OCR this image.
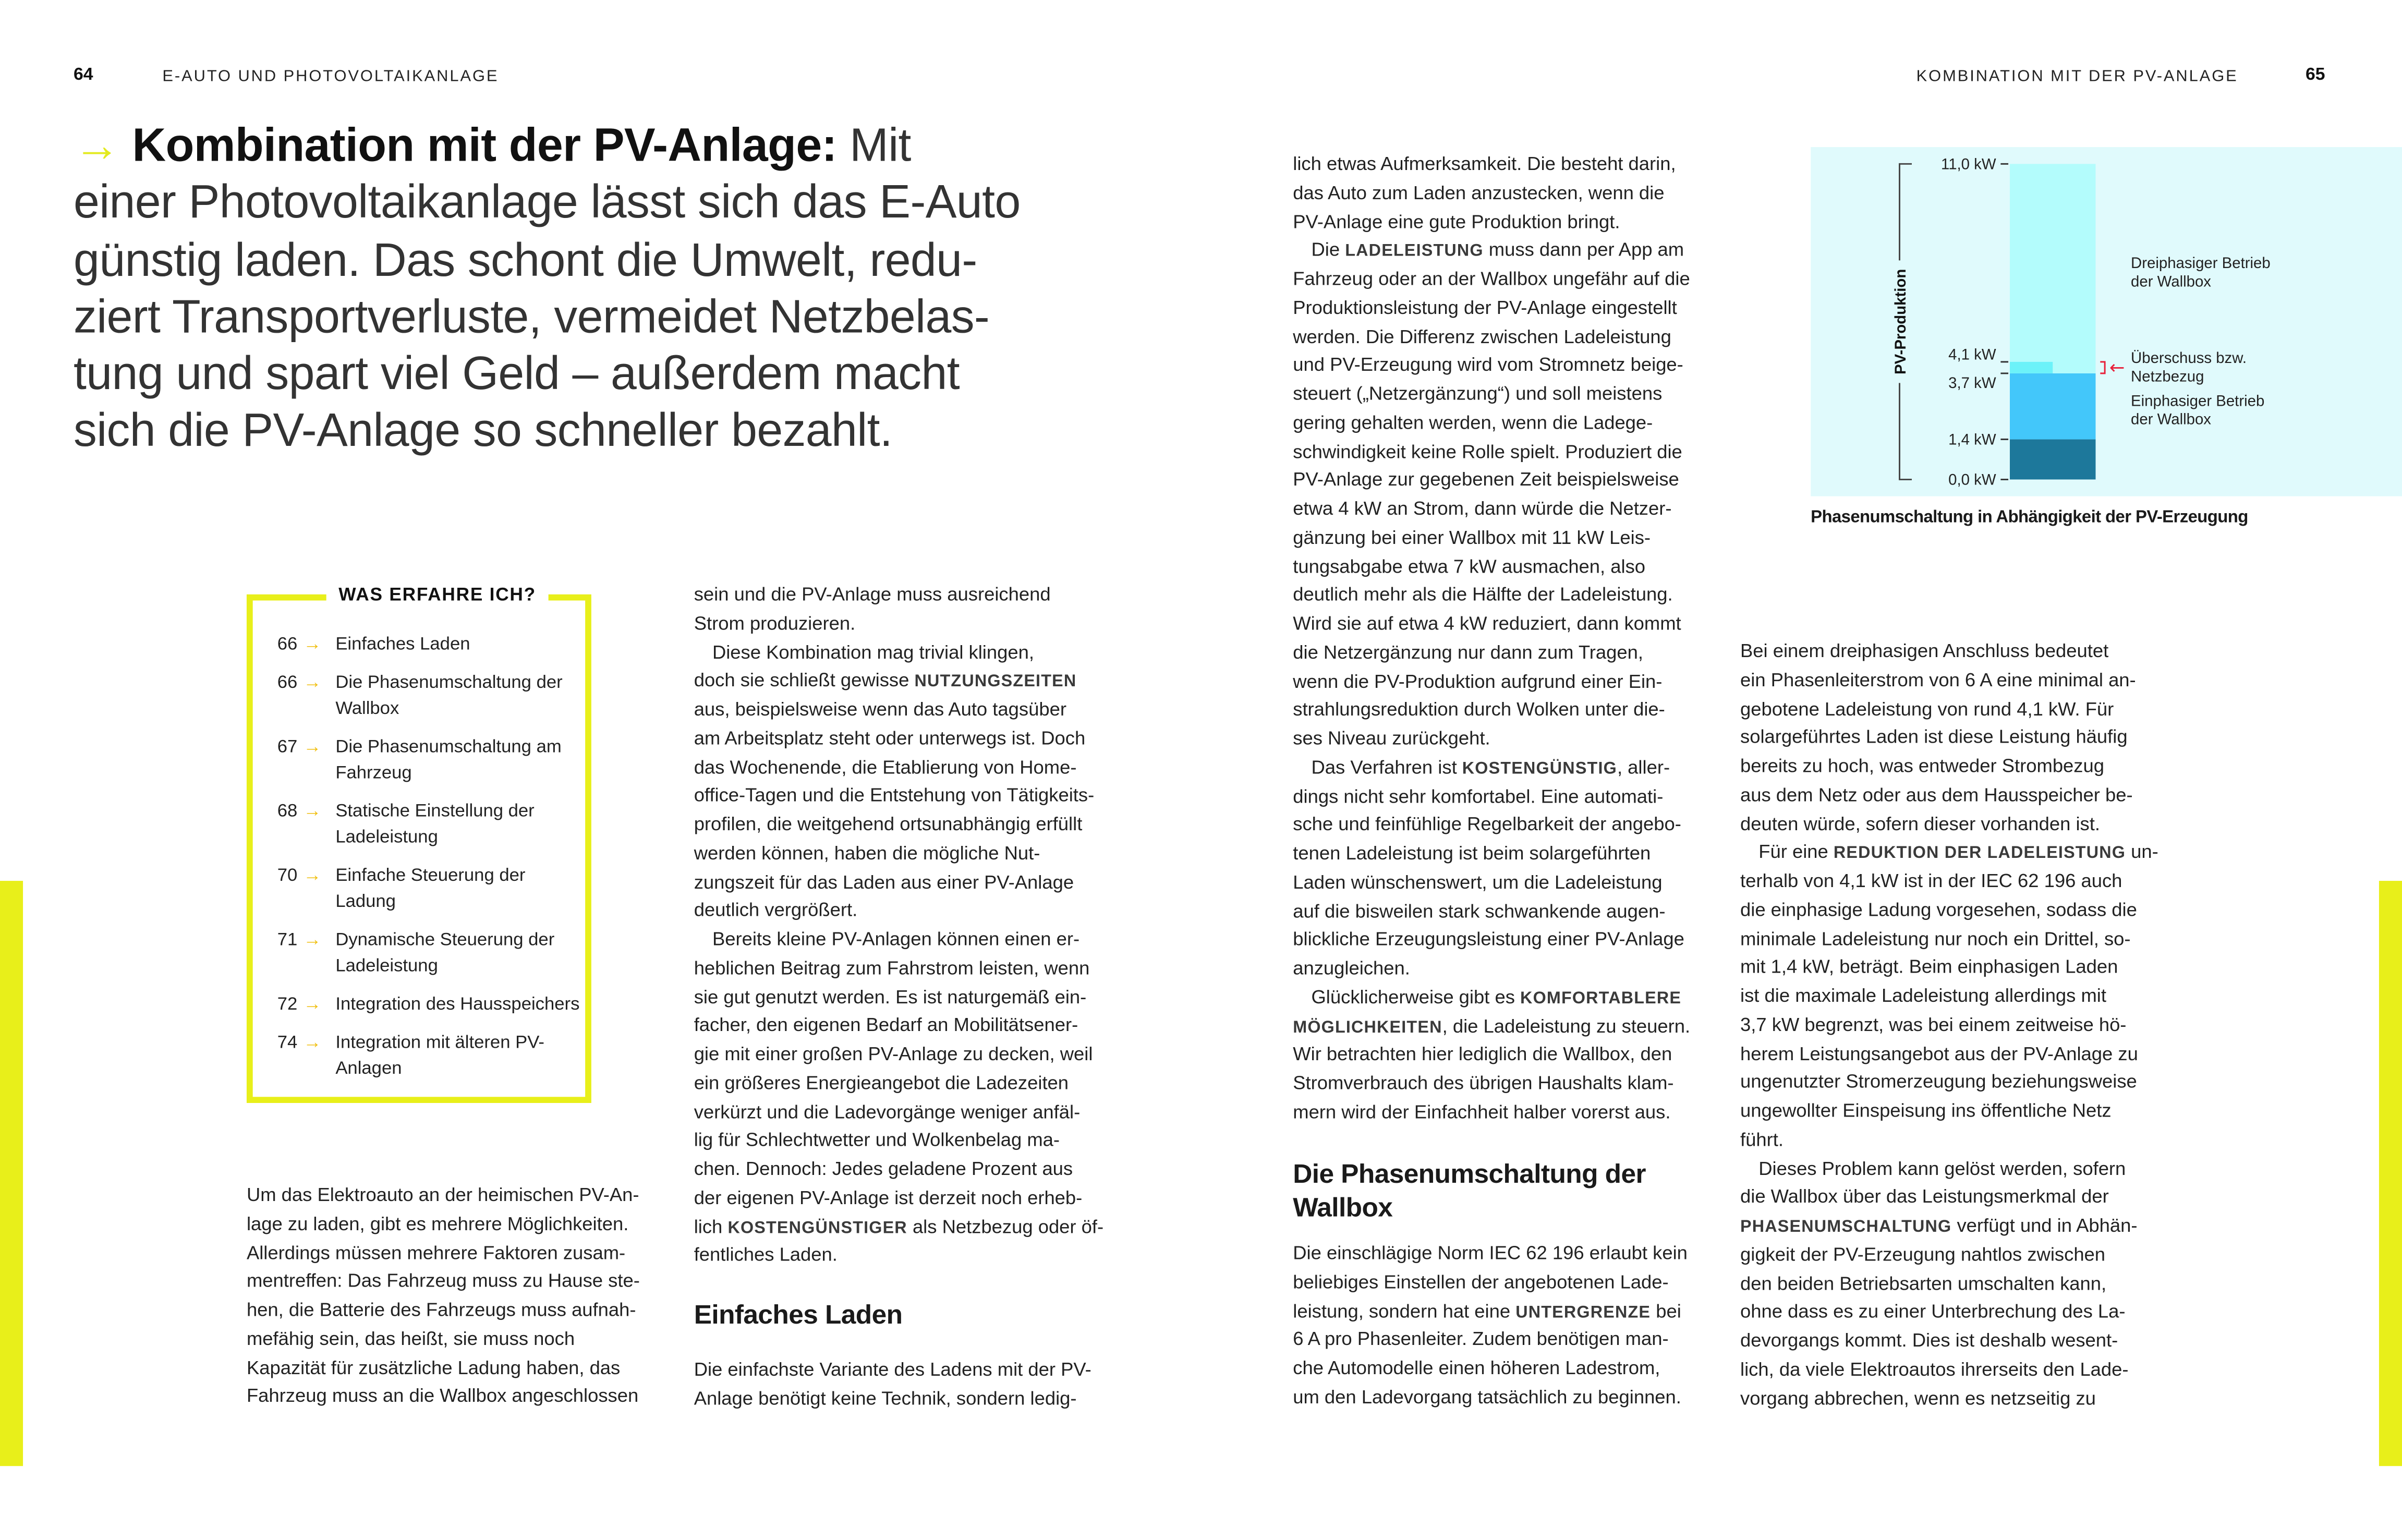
64	E-AUTO UND PHOTOVOLTAIKANLAGE	KOMBINATION MIT DER PV-ANLAGE	65
→ Kombination mit der PV-Anlage: Mit
einer Photovoltaikanlage lässt sich das E-Auto
günstig laden. Das schont die Umwelt, redu-
ziert Transportverluste, vermeidet Netzbelas-
tung und spart viel Geld – außerdem macht
sich die PV-Anlage so schneller bezahlt.
WAS ERFAHRE ICH?
66 → Einfaches Laden
66 → Die Phasenumschaltung der Wallbox
67 → Die Phasenumschaltung am Fahrzeug
68 → Statische Einstellung der Ladeleistung
70 → Einfache Steuerung der Ladung
71 → Dynamische Steuerung der Ladeleistung
72 → Integration des Hausspeichers
74 → Integration mit älteren PV-Anlagen
Um das Elektroauto an der heimischen PV-An-
lage zu laden, gibt es mehrere Möglichkeiten.
Allerdings müssen mehrere Faktoren zusam-
mentreffen: Das Fahrzeug muss zu Hause ste-
hen, die Batterie des Fahrzeugs muss aufnah-
mefähig sein, das heißt, sie muss noch
Kapazität für zusätzliche Ladung haben, das
Fahrzeug muss an die Wallbox angeschlossen
sein und die PV-Anlage muss ausreichend
Strom produzieren.
Diese Kombination mag trivial klingen,
doch sie schließt gewisse NUTZUNGSZEITEN
aus, beispielsweise wenn das Auto tagsüber
am Arbeitsplatz steht oder unterwegs ist. Doch
das Wochenende, die Etablierung von Home-
office-Tagen und die Entstehung von Tätigkeits-
profilen, die weitgehend ortsunabhängig erfüllt
werden können, haben die mögliche Nut-
zungszeit für das Laden aus einer PV-Anlage
deutlich vergrößert.
Bereits kleine PV-Anlagen können einen er-
heblichen Beitrag zum Fahrstrom leisten, wenn
sie gut genutzt werden. Es ist naturgemäß ein-
facher, den eigenen Bedarf an Mobilitätsener-
gie mit einer großen PV-Anlage zu decken, weil
ein größeres Energieangebot die Ladezeiten
verkürzt und die Ladevorgänge weniger anfäl-
lig für Schlechtwetter und Wolkenbelag ma-
chen. Dennoch: Jedes geladene Prozent aus
der eigenen PV-Anlage ist derzeit noch erheb-
lich KOSTENGÜNSTIGER als Netzbezug oder öf-
fentliches Laden.
Einfaches Laden
Die einfachste Variante des Ladens mit der PV-
Anlage benötigt keine Technik, sondern ledig-
lich etwas Aufmerksamkeit. Die besteht darin,
das Auto zum Laden anzustecken, wenn die
PV-Anlage eine gute Produktion bringt.
Die LADELEISTUNG muss dann per App am
Fahrzeug oder an der Wallbox ungefähr auf die
Produktionsleistung der PV-Anlage eingestellt
werden. Die Differenz zwischen Ladeleistung
und PV-Erzeugung wird vom Stromnetz beige-
steuert („Netzergänzung“) und soll meistens
gering gehalten werden, wenn die Ladege-
schwindigkeit keine Rolle spielt. Produziert die
PV-Anlage zur gegebenen Zeit beispielsweise
etwa 4 kW an Strom, dann würde die Netzer-
gänzung bei einer Wallbox mit 11 kW Leis-
tungsabgabe etwa 7 kW ausmachen, also
deutlich mehr als die Hälfte der Ladeleistung.
Wird sie auf etwa 4 kW reduziert, dann kommt
die Netzergänzung nur dann zum Tragen,
wenn die PV-Produktion aufgrund einer Ein-
strahlungsreduktion durch Wolken unter die-
ses Niveau zurückgeht.
Das Verfahren ist KOSTENGÜNSTIG, aller-
dings nicht sehr komfortabel. Eine automati-
sche und feinfühlige Regelbarkeit der angebo-
tenen Ladeleistung ist beim solargeführten
Laden wünschenswert, um die Ladeleistung
auf die bisweilen stark schwankende augen-
blickliche Erzeugungsleistung einer PV-Anlage
anzugleichen.
Glücklicherweise gibt es KOMFORTABLERE
MÖGLICHKEITEN, die Ladeleistung zu steuern.
Wir betrachten hier lediglich die Wallbox, den
Stromverbrauch des übrigen Haushalts klam-
mern wird der Einfachheit halber vorerst aus.
Die Phasenumschaltung der
Wallbox
Die einschlägige Norm IEC 62 196 erlaubt kein
beliebiges Einstellen der angebotenen Lade-
leistung, sondern hat eine UNTERGRENZE bei
6 A pro Phasenleiter. Zudem benötigen man-
che Automodelle einen höheren Ladestrom,
um den Ladevorgang tatsächlich zu beginnen.
Bei einem dreiphasigen Anschluss bedeutet
ein Phasenleiterstrom von 6 A eine minimal an-
gebotene Ladeleistung von rund 4,1 kW. Für
solargeführtes Laden ist diese Leistung häufig
bereits zu hoch, was entweder Strombezug
aus dem Netz oder aus dem Hausspeicher be-
deuten würde, sofern dieser vorhanden ist.
Für eine REDUKTION DER LADELEISTUNG un-
terhalb von 4,1 kW ist in der IEC 62 196 auch
die einphasige Ladung vorgesehen, sodass die
minimale Ladeleistung nur noch ein Drittel, so-
mit 1,4 kW, beträgt. Beim einphasigen Laden
ist die maximale Ladeleistung allerdings mit
3,7 kW begrenzt, was bei einem zeitweise hö-
herem Leistungsangebot aus der PV-Anlage zu
ungenutzter Stromerzeugung beziehungsweise
ungewollter Einspeisung ins öffentliche Netz
führt.
Dieses Problem kann gelöst werden, sofern
die Wallbox über das Leistungsmerkmal der
PHASENUMSCHALTUNG verfügt und in Abhän-
gigkeit der PV-Erzeugung nahtlos zwischen
den beiden Betriebsarten umschalten kann,
ohne dass es zu einer Unterbrechung des La-
devorgangs kommt. Dies ist deshalb wesent-
lich, da viele Elektroautos ihrerseits den Lade-
vorgang abbrechen, wenn es netzseitig zu
11,0 kW
4,1 kW
3,7 kW
1,4 kW
0,0 kW
PV-Produktion
Dreiphasiger Betrieb
der Wallbox
← Überschuss bzw.
Netzbezug
Einphasiger Betrieb
der Wallbox
Phasenumschaltung in Abhängigkeit der PV-Erzeugung
